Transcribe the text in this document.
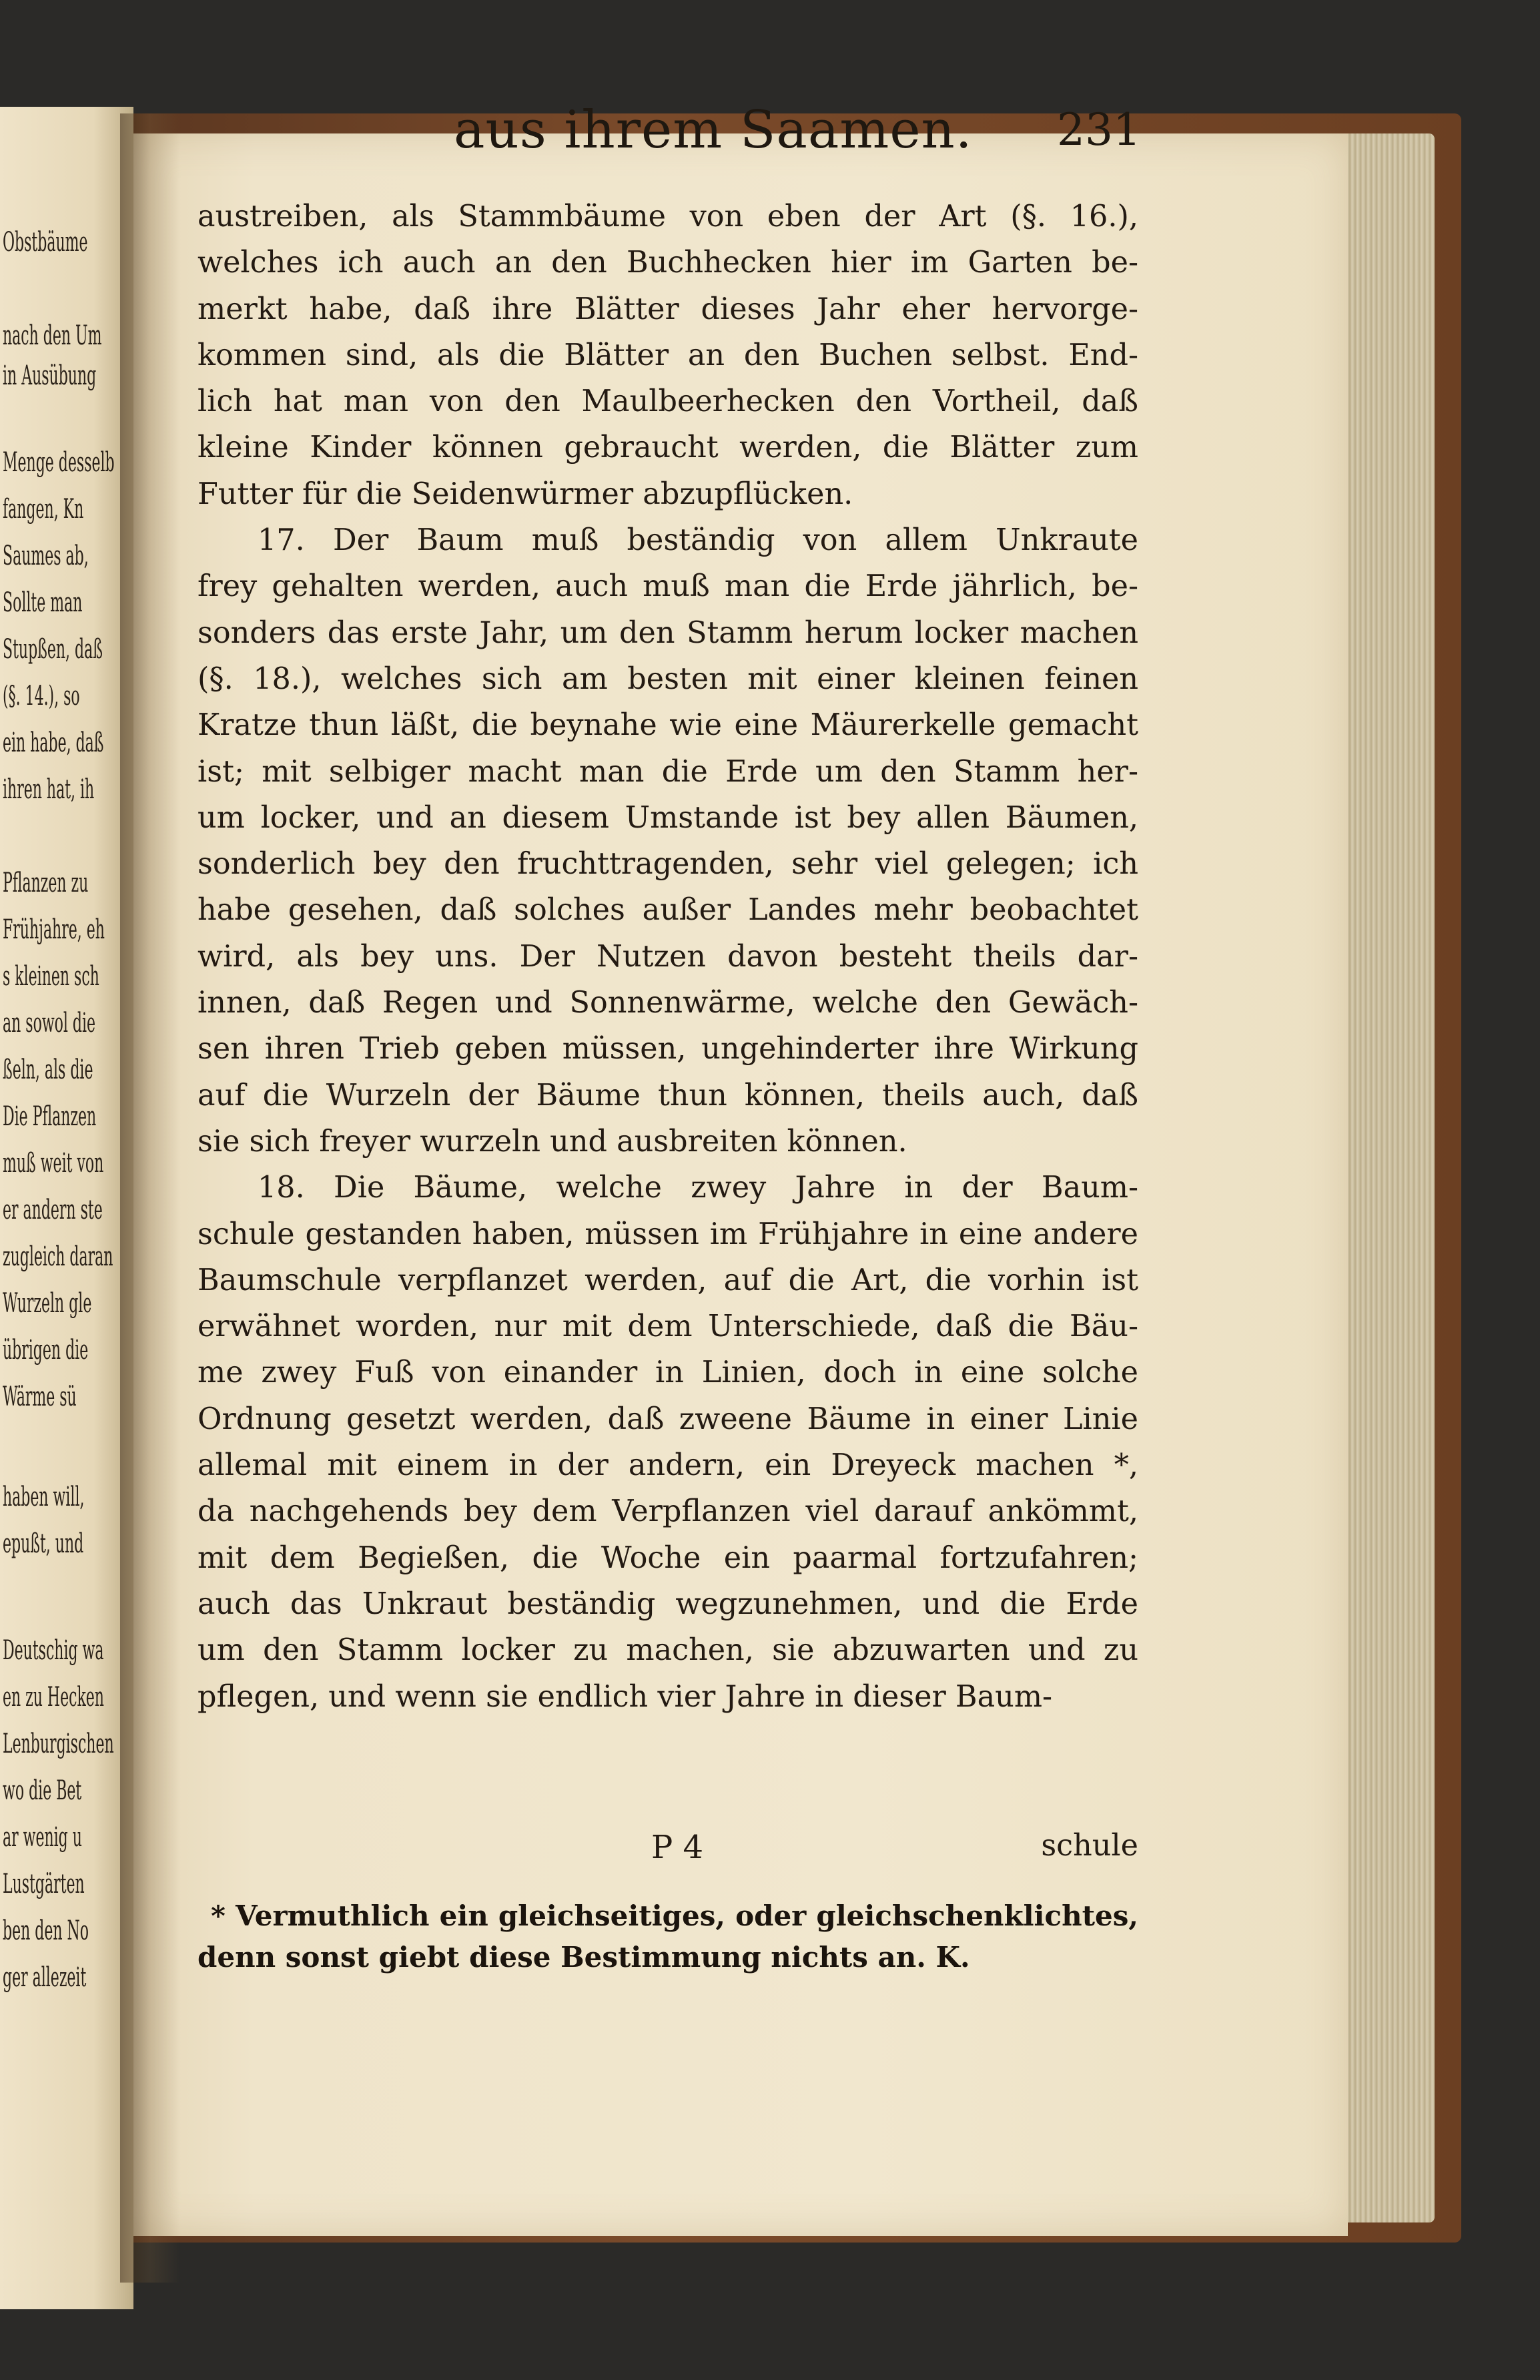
Obstbäume
nach den Um
in Ausübung
Menge desselb
fangen, Kn
Saumes ab,
Sollte man
Stupßen, daß
(§. 14.), so
ein habe, daß
ihren hat, ih
Pflanzen zu
Frühjahre, eh
s kleinen sch
an sowol die
ßeln, als die
Die Pflanzen
muß weit von
er andern ste
zugleich daran
Wurzeln gle
übrigen die
Wärme sü
haben will,
epußt, und
Deutschig wa
en zu Hecken
Lenburgischen
wo die Bet
ar wenig u
Lustgärten
ben den No
ger allezeit
aus ihrem Saamen. 231
austreiben, als Stammbäume von eben der Art (§. 16.),
welches ich auch an den Buchhecken hier im Garten be-
merkt habe, daß ihre Blätter dieses Jahr eher hervorge-
kommen sind, als die Blätter an den Buchen selbst. End-
lich hat man von den Maulbeerhecken den Vortheil, daß
kleine Kinder können gebraucht werden, die Blätter zum
Futter für die Seidenwürmer abzupflücken.
17. Der Baum muß beständig von allem Unkraute
frey gehalten werden, auch muß man die Erde jährlich, be-
sonders das erste Jahr, um den Stamm herum locker machen
(§. 18.), welches sich am besten mit einer kleinen feinen
Kratze thun läßt, die beynahe wie eine Mäurerkelle gemacht
ist; mit selbiger macht man die Erde um den Stamm her-
um locker, und an diesem Umstande ist bey allen Bäumen,
sonderlich bey den fruchttragenden, sehr viel gelegen; ich
habe gesehen, daß solches außer Landes mehr beobachtet
wird, als bey uns. Der Nutzen davon besteht theils dar-
innen, daß Regen und Sonnenwärme, welche den Gewäch-
sen ihren Trieb geben müssen, ungehinderter ihre Wirkung
auf die Wurzeln der Bäume thun können, theils auch, daß
sie sich freyer wurzeln und ausbreiten können.
18. Die Bäume, welche zwey Jahre in der Baum-
schule gestanden haben, müssen im Frühjahre in eine andere
Baumschule verpflanzet werden, auf die Art, die vorhin ist
erwähnet worden, nur mit dem Unterschiede, daß die Bäu-
me zwey Fuß von einander in Linien, doch in eine solche
Ordnung gesetzt werden, daß zweene Bäume in einer Linie
allemal mit einem in der andern, ein Dreyeck machen *,
da nachgehends bey dem Verpflanzen viel darauf ankömmt,
mit dem Begießen, die Woche ein paarmal fortzufahren;
auch das Unkraut beständig wegzunehmen, und die Erde
um den Stamm locker zu machen, sie abzuwarten und zu
pflegen, und wenn sie endlich vier Jahre in dieser Baum-
P 4	schule
* Vermuthlich ein gleichseitiges, oder gleichschenklichtes,
denn sonst giebt diese Bestimmung nichts an. K.
